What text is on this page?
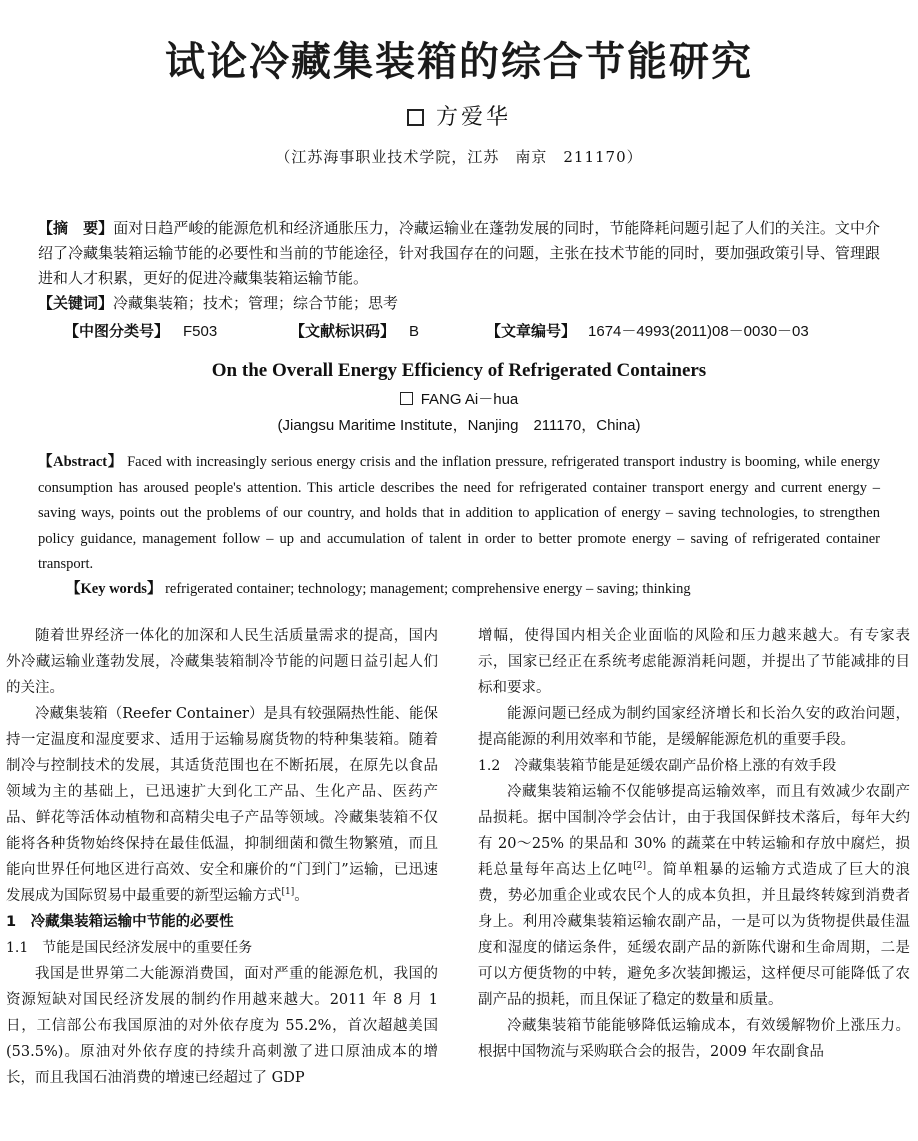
试论冷藏集装箱的综合节能研究
方爱华
（江苏海事职业技术学院，江苏　南京　211170）

【摘　要】面对日趋严峻的能源危机和经济通胀压力，冷藏运输业在蓬勃发展的同时，节能降耗问题引起了人们的关注。文中介绍了冷藏集装箱运输节能的必要性和当前的节能途径，针对我国存在的问题，主张在技术节能的同时，要加强政策引导、管理跟进和人才积累，更好的促进冷藏集装箱运输节能。

【关键词】冷藏集装箱；技术；管理；综合节能；思考

【中图分类号】 F503	【文献标识码】 B	【文章编号】 1674－4993(2011)08－0030－03
On the Overall Energy Efficiency of Refrigerated Containers
FANG Ai－hua
(Jiangsu Maritime Institute，Nanjing　211170，China)

【Abstract】 Faced with increasingly serious energy crisis and the inflation pressure, refrigerated transport industry is booming, while energy consumption has aroused people's attention. This article describes the need for refrigerated container transport energy and current energy – saving ways, points out the problems of our country, and holds that in addition to application of energy – saving technologies, to strengthen policy guidance, management follow – up and accumulation of talent in order to better promote energy – saving of refrigerated container transport.

【Key words】 refrigerated container; technology; management; comprehensive energy – saving; thinking

随着世界经济一体化的加深和人民生活质量需求的提高，国内外冷藏运输业蓬勃发展，冷藏集装箱制冷节能的问题日益引起人们的关注。

冷藏集装箱（Reefer Container）是具有较强隔热性能、能保持一定温度和湿度要求、适用于运输易腐货物的特种集装箱。随着制冷与控制技术的发展，其适货范围也在不断拓展，在原先以食品领域为主的基础上，已迅速扩大到化工产品、生化产品、医药产品、鲜花等活体动植物和高精尖电子产品等领域。冷藏集装箱不仅能将各种货物始终保持在最佳低温，抑制细菌和微生物繁殖，而且能向世界任何地区进行高效、安全和廉价的“门到门”运输，已迅速发展成为国际贸易中最重要的新型运输方式[1]。

1　冷藏集装箱运输中节能的必要性

1.1　节能是国民经济发展中的重要任务

我国是世界第二大能源消费国，面对严重的能源危机，我国的资源短缺对国民经济发展的制约作用越来越大。2011 年 8 月 1 日，工信部公布我国原油的对外依存度为 55.2%，首次超越美国(53.5%)。原油对外依存度的持续升高刺激了进口原油成本的增长，而且我国石油消费的增速已经超过了 GDP

增幅，使得国内相关企业面临的风险和压力越来越大。有专家表示，国家已经正在系统考虑能源消耗问题，并提出了节能减排的目标和要求。

能源问题已经成为制约国家经济增长和长治久安的政治问题，提高能源的利用效率和节能，是缓解能源危机的重要手段。

1.2　冷藏集装箱节能是延缓农副产品价格上涨的有效手段

冷藏集装箱运输不仅能够提高运输效率，而且有效减少农副产品损耗。据中国制冷学会估计，由于我国保鲜技术落后，每年大约有 20～25% 的果品和 30% 的蔬菜在中转运输和存放中腐烂，损耗总量每年高达上亿吨[2]。简单粗暴的运输方式造成了巨大的浪费，势必加重企业或农民个人的成本负担，并且最终转嫁到消费者身上。利用冷藏集装箱运输农副产品，一是可以为货物提供最佳温度和湿度的储运条件，延缓农副产品的新陈代谢和生命周期，二是可以方便货物的中转，避免多次装卸搬运，这样便尽可能降低了农副产品的损耗，而且保证了稳定的数量和质量。

冷藏集装箱节能能够降低运输成本，有效缓解物价上涨压力。根据中国物流与采购联合会的报告，2009 年农副食品
